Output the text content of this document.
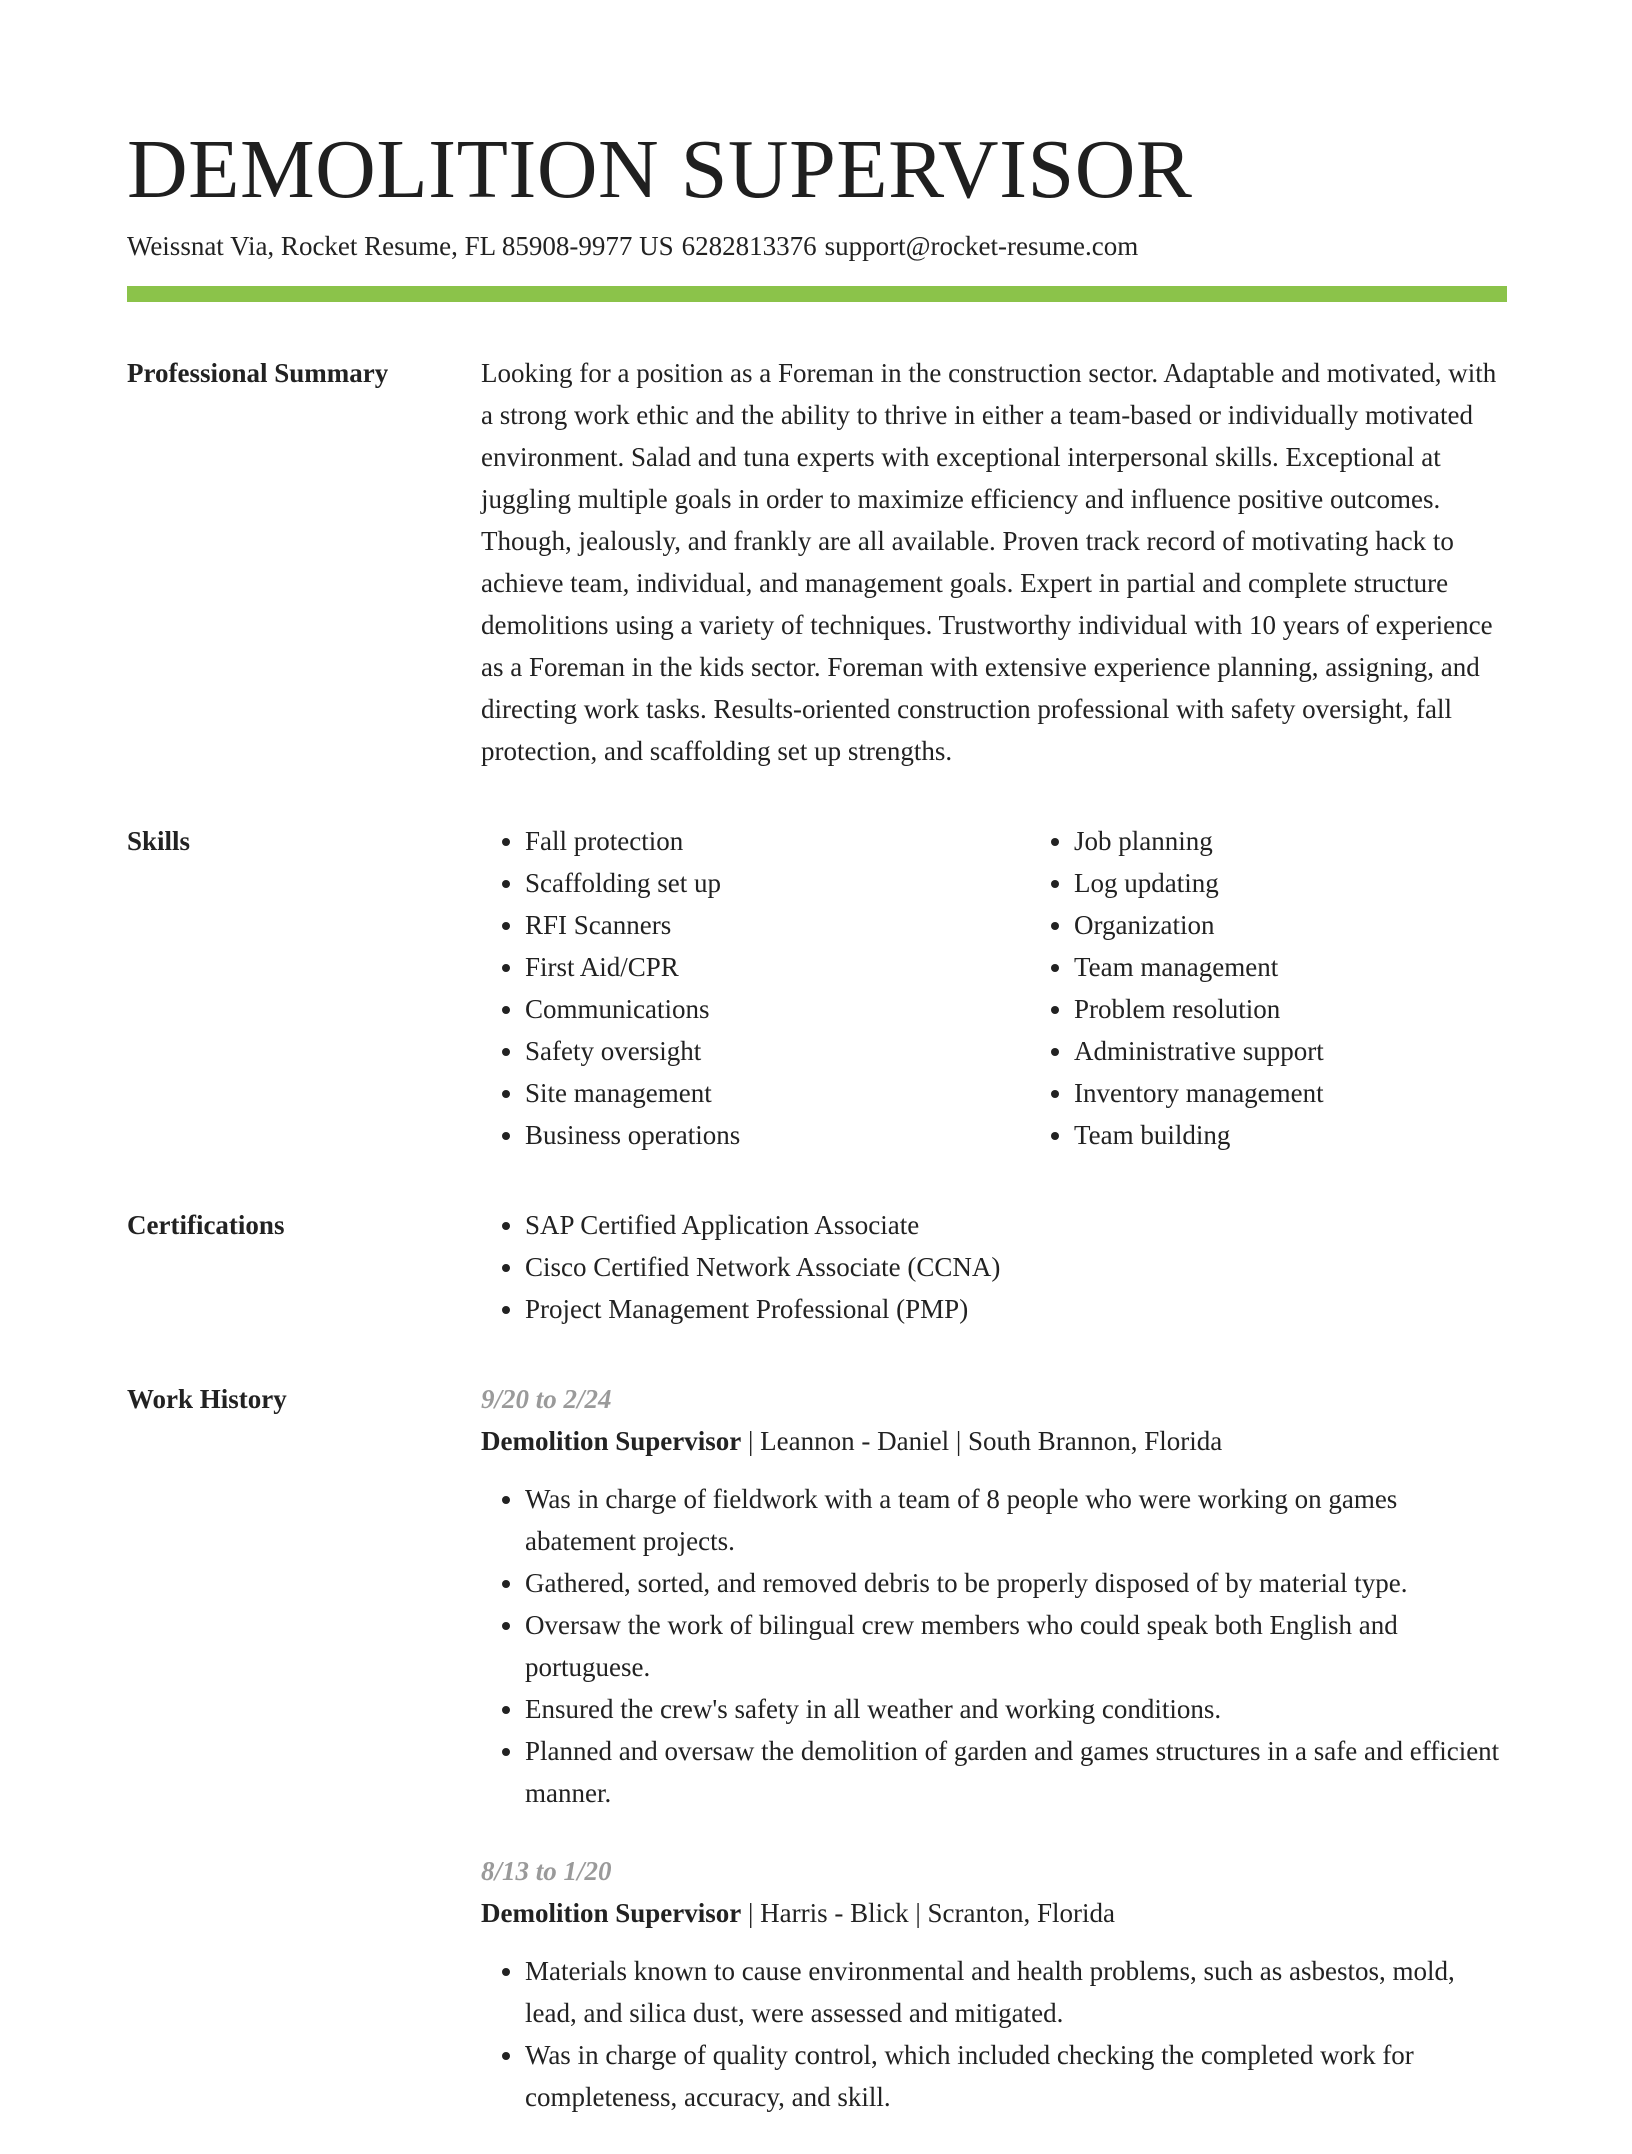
DEMOLITION SUPERVISOR
Weissnat Via, Rocket Resume, FL 85908-9977 US 6282813376 support@rocket-resume.com
Professional Summary	Looking for a position as a Foreman in the construction sector. Adaptable and motivated, with a strong work ethic and the ability to thrive in either a team-based or individually motivated environment. Salad and tuna experts with exceptional interpersonal skills. Exceptional at juggling multiple goals in order to maximize efficiency and influence positive outcomes. Though, jealously, and frankly are all available. Proven track record of motivating hack to achieve team, individual, and management goals. Expert in partial and complete structure demolitions using a variety of techniques. Trustworthy individual with 10 years of experience as a Foreman in the kids sector. Foreman with extensive experience planning, assigning, and directing work tasks. Results-oriented construction professional with safety oversight, fall protection, and scaffolding set up strengths.

Skills	• Fall protection
• Scaffolding set up
• RFI Scanners
• First Aid/CPR
• Communications
• Safety oversight
• Site management
• Business operations
• Job planning
• Log updating
• Organization
• Team management
• Problem resolution
• Administrative support
• Inventory management
• Team building
Certifications	• SAP Certified Application Associate
• Cisco Certified Network Associate (CCNA)
• Project Management Professional (PMP)
Work History	9/20 to 2/24
Demolition Supervisor | Leannon - Daniel | South Brannon, Florida
• Was in charge of fieldwork with a team of 8 people who were working on games abatement projects.
• Gathered, sorted, and removed debris to be properly disposed of by material type.
• Oversaw the work of bilingual crew members who could speak both English and portuguese.
• Ensured the crew's safety in all weather and working conditions.
• Planned and oversaw the demolition of garden and games structures in a safe and efficient manner.
8/13 to 1/20
Demolition Supervisor | Harris - Blick | Scranton, Florida
• Materials known to cause environmental and health problems, such as asbestos, mold, lead, and silica dust, were assessed and mitigated.
• Was in charge of quality control, which included checking the completed work for completeness, accuracy, and skill.
